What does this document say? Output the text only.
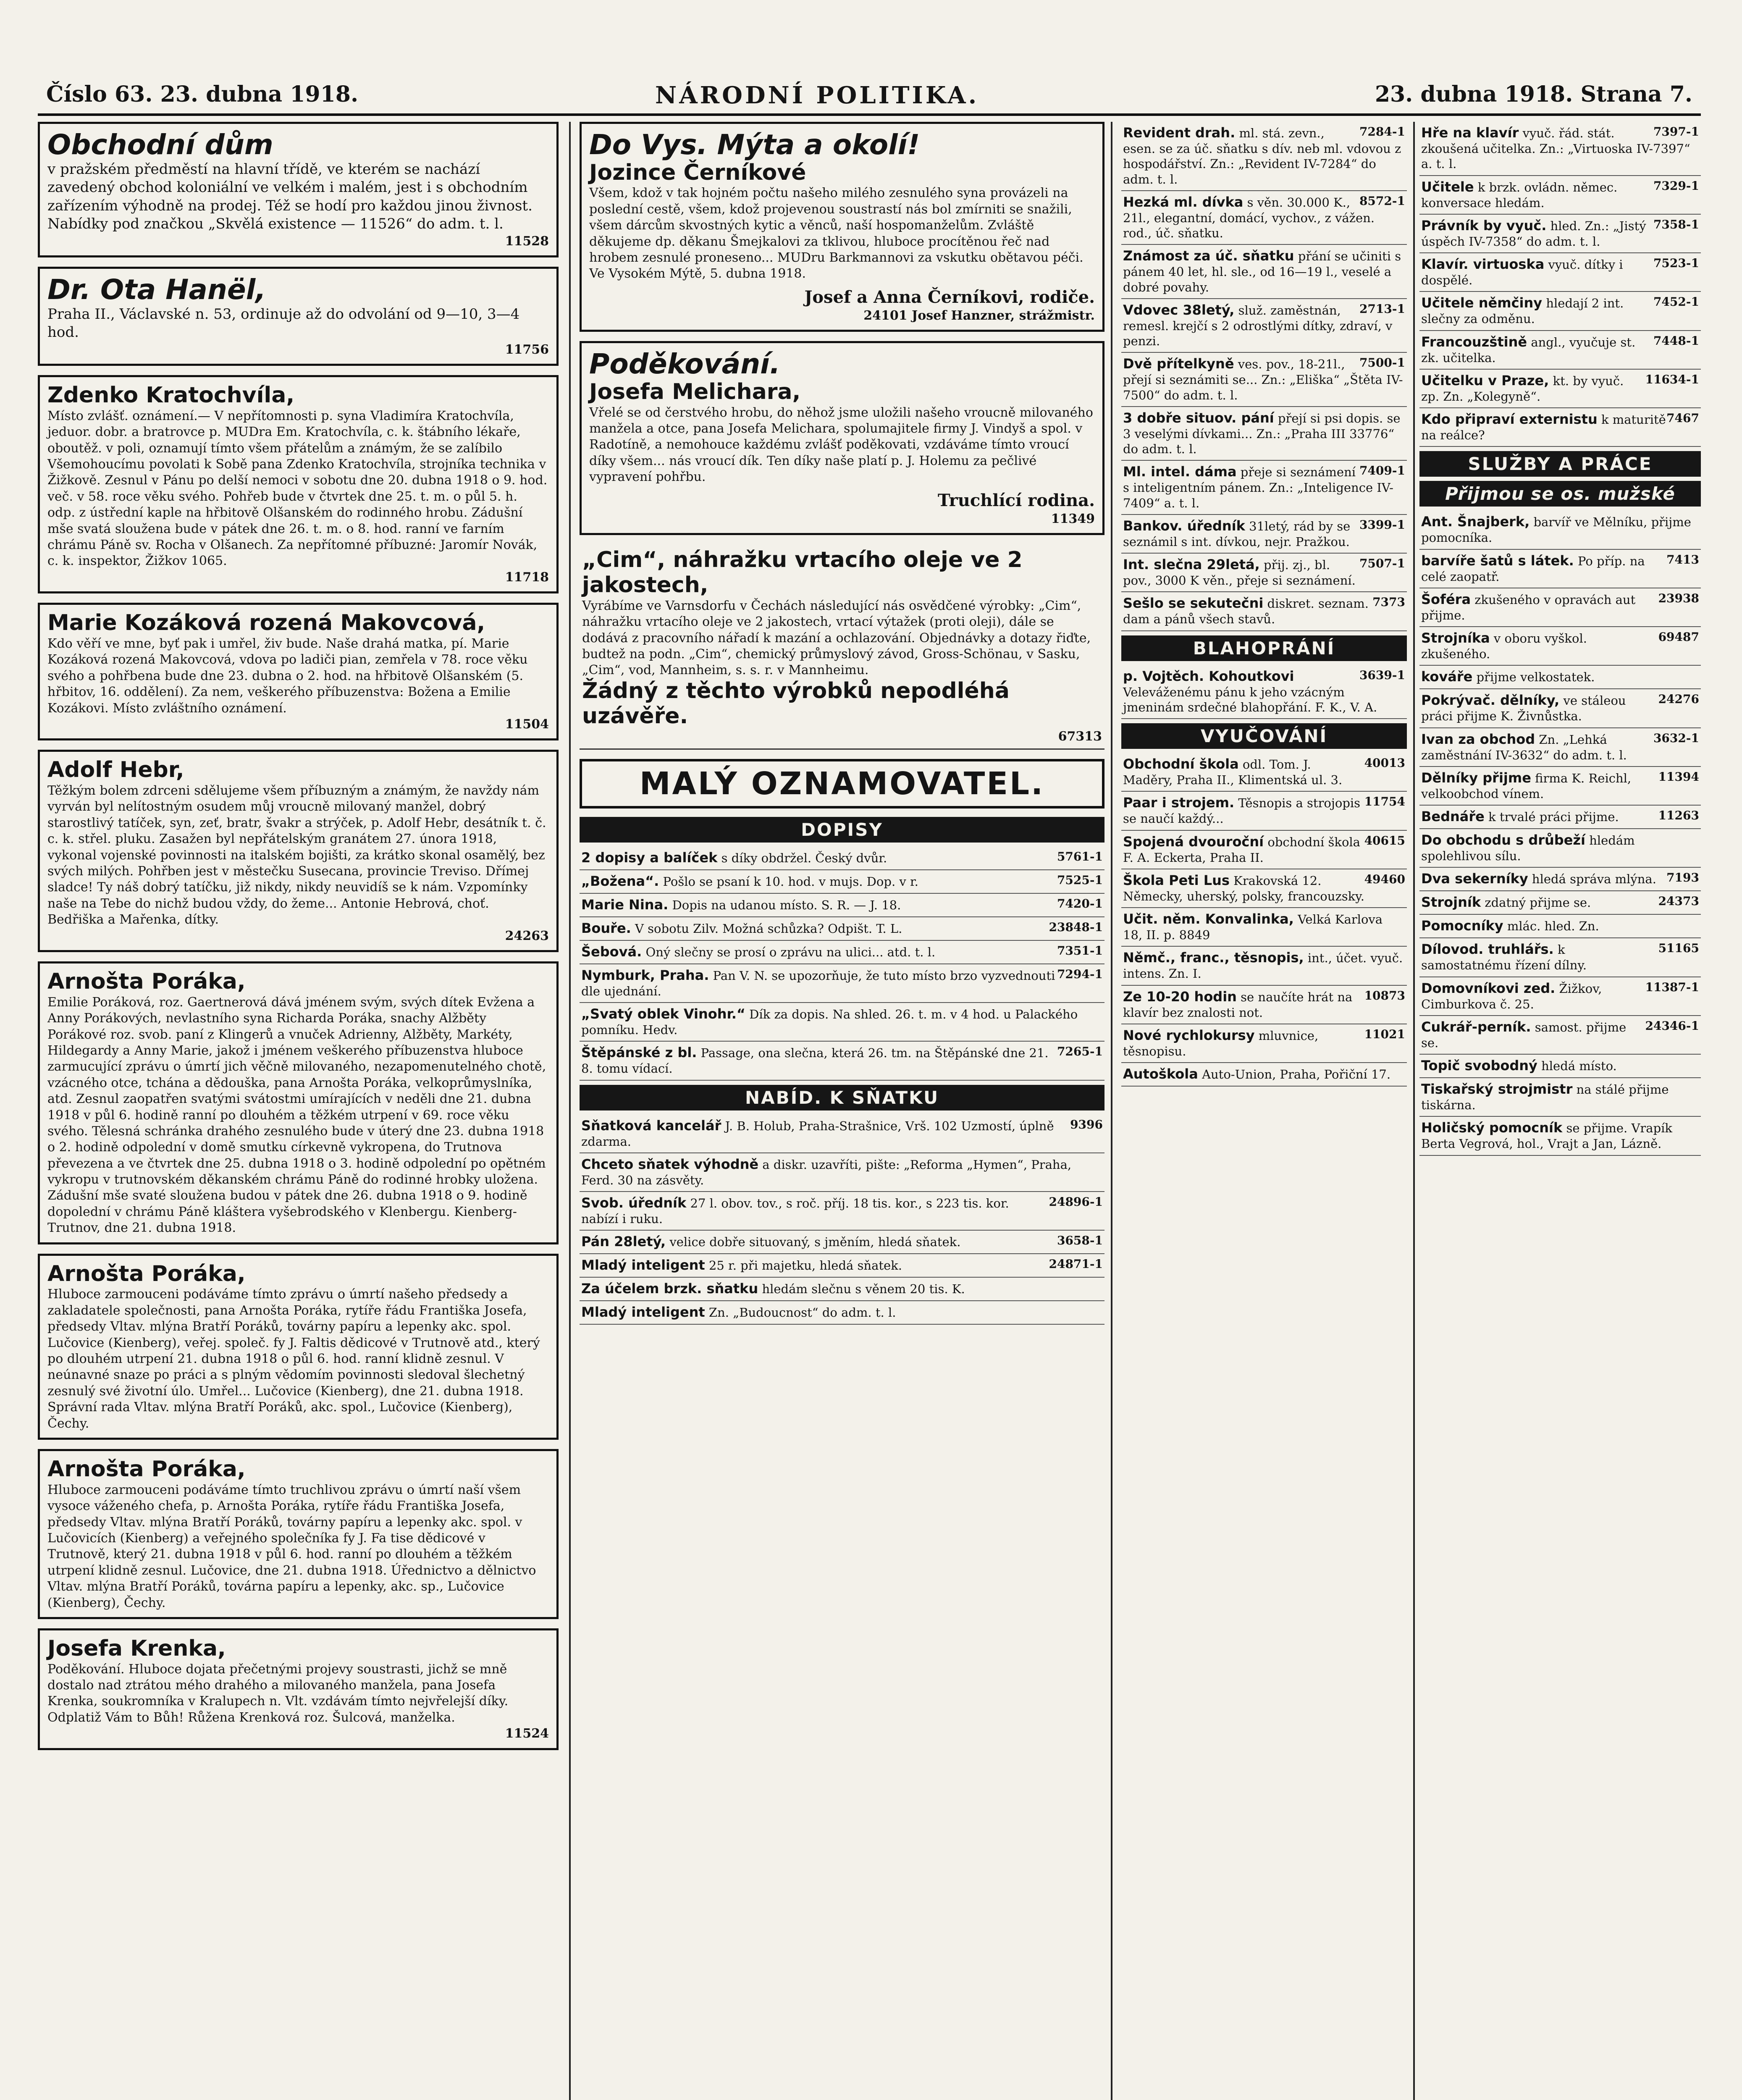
Číslo 63. 23. dubna 1918.	NÁRODNÍ POLITIKA.	23. dubna 1918. Strana 7.
Obchodní dům
v pražském předměstí na hlavní třídě, ve kterém se nachází zavedený obchod koloniální ve velkém i malém, jest i s obchodním zařízením výhodně na prodej. Též se hodí pro každou jinou živnost. Nabídky pod značkou „Skvělá existence — 11526“ do adm. t. l.
11528
Dr. Ota Hanël,
Praha II., Václavské n. 53, ordinuje až do odvolání od 9—10, 3—4 hod.
11756
Zdenko Kratochvíla,
Místo zvlášť. oznámení.— V nepřítomnosti p. syna Vladimíra Kratochvíla, jeduor. dobr. a bratrovce p. MUDra Em. Kratochvíla, c. k. štábního lékaře, oboutěž. v poli, oznamují tímto všem přátelům a známým, že se zalíbilo Všemohoucímu povolati k Sobě pana Zdenko Kratochvíla, strojníka technika v Žižkově. Zesnul v Pánu po delší nemoci v sobotu dne 20. dubna 1918 o 9. hod. več. v 58. roce věku svého. Pohřeb bude v čtvrtek dne 25. t. m. o půl 5. h. odp. z ústřední kaple na hřbitově Olšanském do rodinného hrobu. Zádušní mše svatá sloužena bude v pátek dne 26. t. m. o 8. hod. ranní ve farním chrámu Páně sv. Rocha v Olšanech. Za nepřítomné příbuzné: Jaromír Novák, c. k. inspektor, Žižkov 1065.
11718
Marie Kozáková rozená Makovcová,
Kdo věří ve mne, byť pak i umřel, živ bude. Naše drahá matka, pí. Marie Kozáková rozená Makovcová, vdova po ladiči pian, zemřela v 78. roce věku svého a pohřbena bude dne 23. dubna o 2. hod. na hřbitově Olšanském (5. hřbitov, 16. oddělení). Za nem, veškerého příbuzenstva: Božena a Emilie Kozákovi. Místo zvláštního oznámení.
11504
Adolf Hebr,
Těžkým bolem zdrceni sdělujeme všem příbuzným a známým, že navždy nám vyrván byl nelítostným osudem můj vroucně milovaný manžel, dobrý starostlivý tatíček, syn, zeť, bratr, švakr a strýček, p. Adolf Hebr, desátník t. č. c. k. střel. pluku. Zasažen byl nepřátelským granátem 27. února 1918, vykonal vojenské povinnosti na italském bojišti, za krátko skonal osamělý, bez svých milých. Pohřben jest v městečku Susecana, provincie Treviso. Dřímej sladce! Ty náš dobrý tatíčku, již nikdy, nikdy neuvidíš se k nám. Vzpomínky naše na Tebe do nichž budou vždy, do žeme... Antonie Hebrová, choť. Bedřiška a Mařenka, dítky.
24263
Arnošta Poráka,
Emilie Poráková, roz. Gaertnerová dává jménem svým, svých dítek Evžena a Anny Porákových, nevlastního syna Richarda Poráka, snachy Alžběty Porákové roz. svob. paní z Klingerů a vnuček Adrienny, Alžběty, Markéty, Hildegardy a Anny Marie, jakož i jménem veškerého příbuzenstva hluboce zarmucující zprávu o úmrtí jich věčně milovaného, nezapomenutelného chotě, vzácného otce, tchána a dědouška, pana Arnošta Poráka, velkoprůmyslníka, atd. Zesnul zaopatřen svatými svátostmi umírajících v neděli dne 21. dubna 1918 v půl 6. hodině ranní po dlouhém a těžkém utrpení v 69. roce věku svého. Tělesná schránka drahého zesnulého bude v úterý dne 23. dubna 1918 o 2. hodině odpolední v domě smutku církevně vykropena, do Trutnova převezena a ve čtvrtek dne 25. dubna 1918 o 3. hodině odpolední po opětném vykropu v trutnovském děkanském chrámu Páně do rodinné hrobky uložena. Zádušní mše svaté sloužena budou v pátek dne 26. dubna 1918 o 9. hodině dopolední v chrámu Páně kláštera vyšebrodského v Klenbergu. Kienberg-Trutnov, dne 21. dubna 1918.
Arnošta Poráka,
Hluboce zarmouceni podáváme tímto zprávu o úmrtí našeho předsedy a zakladatele společnosti, pana Arnošta Poráka, rytíře řádu Františka Josefa, předsedy Vltav. mlýna Bratří Poráků, továrny papíru a lepenky akc. spol. Lučovice (Kienberg), veřej. společ. fy J. Faltis dědicové v Trutnově atd., který po dlouhém utrpení 21. dubna 1918 o půl 6. hod. ranní klidně zesnul. V neúnavné snaze po práci a s plným vědomím povinnosti sledoval šlechetný zesnulý své životní úlo. Umřel... Lučovice (Kienberg), dne 21. dubna 1918. Správní rada Vltav. mlýna Bratří Poráků, akc. spol., Lučovice (Kienberg), Čechy.
Arnošta Poráka,
Hluboce zarmouceni podáváme tímto truchlivou zprávu o úmrtí naší všem vysoce váženého chefa, p. Arnošta Poráka, rytíře řádu Františka Josefa, předsedy Vltav. mlýna Bratří Poráků, továrny papíru a lepenky akc. spol. v Lučovicích (Kienberg) a veřejného společníka fy J. Fa tise dědicové v Trutnově, který 21. dubna 1918 v půl 6. hod. ranní po dlouhém a těžkém utrpení klidně zesnul. Lučovice, dne 21. dubna 1918. Úřednictvo a dělnictvo Vltav. mlýna Bratří Poráků, továrna papíru a lepenky, akc. sp., Lučovice (Kienberg), Čechy.
Josefa Krenka,
Poděkování. Hluboce dojata přečetnými projevy soustrasti, jichž se mně dostalo nad ztrátou mého drahého a milovaného manžela, pana Josefa Krenka, soukromníka v Kralupech n. Vlt. vzdávám tímto nejvřelejší díky. Odplatiž Vám to Bůh! Růžena Krenková roz. Šulcová, manželka.
11524
Do Vys. Mýta a okolí!
Jozince Černíkové
Všem, kdož v tak hojném počtu našeho milého zesnulého syna provázeli na poslední cestě, všem, kdož projevenou soustrastí nás bol zmírniti se snažili, všem dárcům skvostných kytic a věnců, naší hospomanželům. Zvláště děkujeme dp. děkanu Šmejkalovi za tklivou, hluboce procítěnou řeč nad hrobem zesnulé proneseno... MUDru Barkmannovi za vskutku obětavou péči. Ve Vysokém Mýtě, 5. dubna 1918.
Josef a Anna Černíkovi, rodiče.
24101 Josef Hanzner, strážmistr.
Poděkování.
Josefa Melichara,
Vřelé se od čerstvého hrobu, do něhož jsme uložili našeho vroucně milovaného manžela a otce, pana Josefa Melichara, spolumajitele firmy J. Vindyš a spol. v Radotíně, a nemohouce každému zvlášť poděkovati, vzdáváme tímto vroucí díky všem... nás vroucí dík. Ten díky naše platí p. J. Holemu za pečlivé vypravení pohřbu.
Truchlící rodina.
11349
„Cim“, náhražku vrtacího oleje ve 2 jakostech,
Vyrábíme ve Varnsdorfu v Čechách následující nás osvědčené výrobky: „Cim“, náhražku vrtacího oleje ve 2 jakostech, vrtací výtažek (proti oleji), dále se dodává z pracovního nářadí k mazání a ochlazování. Objednávky a dotazy řiďte, budtež na podn. „Cim“, chemický průmyslový závod, Gross-Schönau, v Sasku, „Cim“, vod, Mannheim, s. s. r. v Mannheimu.
Žádný z těchto výrobků nepodléhá uzávěře.
67313
MALÝ OZNAMOVATEL.
DOPISY
5761-1
2 dopisy a balíček s díky obdržel. Český dvůr.
7525-1
„Božena“. Pošlo se psaní k 10. hod. v mujs. Dop. v r.
7420-1
Marie Nina. Dopis na udanou místo. S. R. — J. 18.
23848-1
Bouře. V sobotu Zilv. Možná schůzka? Odpišt. T. L.
7351-1
Šebová. Oný slečny se prosí o zprávu na ulici... atd. t. l.
7294-1
Nymburk, Praha. Pan V. N. se upozorňuje, že tuto místo brzo vyzvednouti dle ujednání.
„Svatý oblek Vinohr.“ Dík za dopis. Na shled. 26. t. m. v 4 hod. u Palackého pomníku. Hedv.
7265-1
Štěpánské z bl. Passage, ona slečna, která 26. tm. na Štěpánské dne 21. 8. tomu vídací.
NABÍD. K SŇATKU
9396
Sňatková kancelář J. B. Holub, Praha-Strašnice, Vrš. 102 Uzmostí, úplně zdarma.
Chceto sňatek výhodně a diskr. uzavříti, pište: „Reforma „Hymen“, Praha, Ferd. 30 na zásvěty.
24896-1
Svob. úředník 27 l. obov. tov., s roč. příj. 18 tis. kor., s 223 tis. kor. nabízí i ruku.
3658-1
Pán 28letý, velice dobře situovaný, s jměním, hledá sňatek.
24871-1
Mladý inteligent 25 r. při majetku, hledá sňatek.
Za účelem brzk. sňatku hledám slečnu s věnem 20 tis. K.
Mladý inteligent Zn. „Budoucnost“ do adm. t. l.
7284-1
Revident drah. ml. stá. zevn., esen. se za úč. sňatku s dív. neb ml. vdovou z hospodářství. Zn.: „Revident IV-7284“ do adm. t. l.
8572-1
Hezká ml. dívka s věn. 30.000 K., 21l., elegantní, domácí, vychov., z vážen. rod., úč. sňatku.
Známost za úč. sňatku přání se učiniti s pánem 40 let, hl. sle., od 16—19 l., veselé a dobré povahy.
2713-1
Vdovec 38letý, služ. zaměstnán, remesl. krejčí s 2 odrostlými dítky, zdraví, v penzi.
7500-1
Dvě přítelkyně ves. pov., 18-21l., přejí si seznámiti se... Zn.: „Eliška“ „Štěta IV-7500“ do adm. t. l.
3 dobře situov. pání přejí si psi dopis. se 3 veselými dívkami... Zn.: „Praha III 33776“ do adm. t. l.
7409-1
Ml. intel. dáma přeje si seznámení s inteligentním pánem. Zn.: „Inteligence IV-7409“ a. t. l.
3399-1
Bankov. úředník 31letý, rád by se seznámil s int. dívkou, nejr. Pražkou.
7507-1
Int. slečna 29letá, přij. zj., bl. pov., 3000 K věn., přeje si seznámení.
7373
Sešlo se sekutečni diskret. seznam. dam a pánů všech stavů.
BLAHOPRÁNÍ
3639-1
p. Vojtěch. Kohoutkovi Veleváženému pánu k jeho vzácným jmeninám srdečné blahopřání. F. K., V. A.
VYUČOVÁNÍ
40013
Obchodní škola odl. Tom. J. Maděry, Praha II., Klimentská ul. 3.
11754
Paar i strojem. Těsnopis a strojopis se naučí každý...
40615
Spojená dvouroční obchodní škola F. A. Eckerta, Praha II.
49460
Škola Peti Lus Krakovská 12. Německy, uherský, polsky, francouzsky.
Učit. něm. Konvalinka, Velká Karlova 18, II. p. 8849
Němč., franc., těsnopis, int., účet. vyuč. intens. Zn. I.
10873
Ze 10-20 hodin se naučíte hrát na klavír bez znalosti not.
11021
Nové rychlokursy mluvnice, těsnopisu.
Autoškola Auto-Union, Praha, Pořiční 17.
7397-1
Hře na klavír vyuč. řád. stát. zkoušená učitelka. Zn.: „Virtuoska IV-7397“ a. t. l.
7329-1
Učitele k brzk. ovládn. němec. konversace hledám.
7358-1
Právník by vyuč. hled. Zn.: „Jistý úspěch IV-7358“ do adm. t. l.
7523-1
Klavír. virtuoska vyuč. dítky i dospělé.
7452-1
Učitele němčiny hledají 2 int. slečny za odměnu.
7448-1
Francouzštině angl., vyučuje st. zk. učitelka.
11634-1
Učitelku v Praze, kt. by vyuč. zp. Zn. „Kolegyně“.
7467
Kdo připraví externistu k maturitě na reálce?
SLUŽBY A PRÁCE
Přijmou se os. mužské
Ant. Šnajberk, barvíř ve Mělníku, přijme pomocníka.
7413
barvíře šatů s látek. Po příp. na celé zaopatř.
23938
Šoféra zkušeného v opravách aut přijme.
69487
Strojníka v oboru vyškol. zkušeného.
kováře přijme velkostatek.
24276
Pokrývač. dělníky, ve stáleou práci přijme K. Živnůstka.
3632-1
Ivan za obchod Zn. „Lehká zaměstnání IV-3632“ do adm. t. l.
11394
Dělníky přijme firma K. Reichl, velkoobchod vínem.
11263
Bednáře k trvalé práci přijme.
Do obchodu s drůbeží hledám spolehlivou sílu.
7193
Dva sekerníky hledá správa mlýna.
24373
Strojník zdatný přijme se.
Pomocníky mlác. hled. Zn.
51165
Dílovod. truhlářs. k samostatnému řízení dílny.
11387-1
Domovníkovi zed. Žižkov, Cimburkova č. 25.
24346-1
Cukrář-perník. samost. přijme se.
Topič svobodný hledá místo.
Tiskařský strojmistr na stálé přijme tiskárna.
Holičský pomocník se přijme. Vrapík Berta Vegrová, hol., Vrajt a Jan, Lázně.
